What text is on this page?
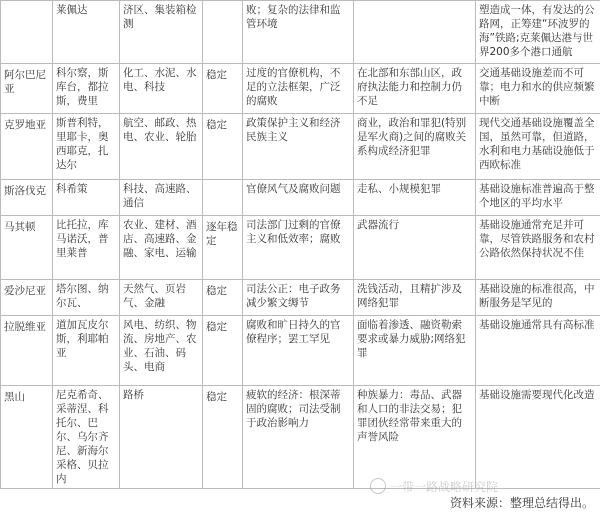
	莱佩达	济区、集装箱检测		败；复杂的法律和监管环境		塑造成一体，有发达的公路网，正筹建“环波罗的海”铁路;克莱佩达港与世界200多个港口通航
阿尔巴尼亚	科尔察，斯库台，都拉斯，费里	化工、水泥、水电、科技	稳定	过度的官僚机构，不足的立法框架，广泛的腐败	在北部和东部山区，政府执法能力和控制力仍不足	交通基础设施差而不可靠；电力和水的供应频繁中断
克罗地亚	斯普利特，里耶卡，奥西耶克，扎达尔	航空、邮政、热电、农业、轮胎	稳定	政策保护主义和经济民族主义	商业，政治和罪犯(特别是军火商)之间的腐败关系构成经济犯罪	现代交通基础设施覆盖全国，虽然可靠，但道路，水利和电力基础设施低于西欧标准
斯洛伐克	科希策	科技、高速路、通信		官僚风气及腐败问题	走私、小规模犯罪	基础设施标准普遍高于整个地区的平均水平
马其顿	比托拉，库马诺沃，普里莱普	农业、建材、酒店、高速路、金融、家电、运输	逐年稳定	司法部门过剩的官僚主义和低效率；腐败	武器流行	基础设施通常充足并可靠，尽管铁路服务和农村公路依然保持状况不佳
爱沙尼亚	塔尔图、纳尔瓦、	天然气、页岩气、金融	稳定	司法公正：电子政务减少繁文缛节	洗钱活动，且精扩涉及网络犯罪	基础设施的标准很高，中断服务是罕见的
拉脱维亚	道加瓦皮尔斯，利耶帕亚	风电、纺织、物流、房地产、农业、石油、码头、电商	稳定	腐败和旷日持久的官僚程序；罢工罕见	面临着渗透、融资勒索要求或暴力威胁;网络犯罪	基础设施通常具有高标准
黑山	尼克希奇、采蒂涅、科托尔、巴尔、乌尔齐尼、新海尔采格、贝拉内	路桥	稳定	疲软的经济：根深蒂固的腐败；司法受制于政治影响力	种族暴力：毒品、武器和人口的非法交易；犯罪团伙经常带来重大的声誉风险	基础设施需要现代化改造
一带一路战略研究院
资料来源：整理总结得出。
